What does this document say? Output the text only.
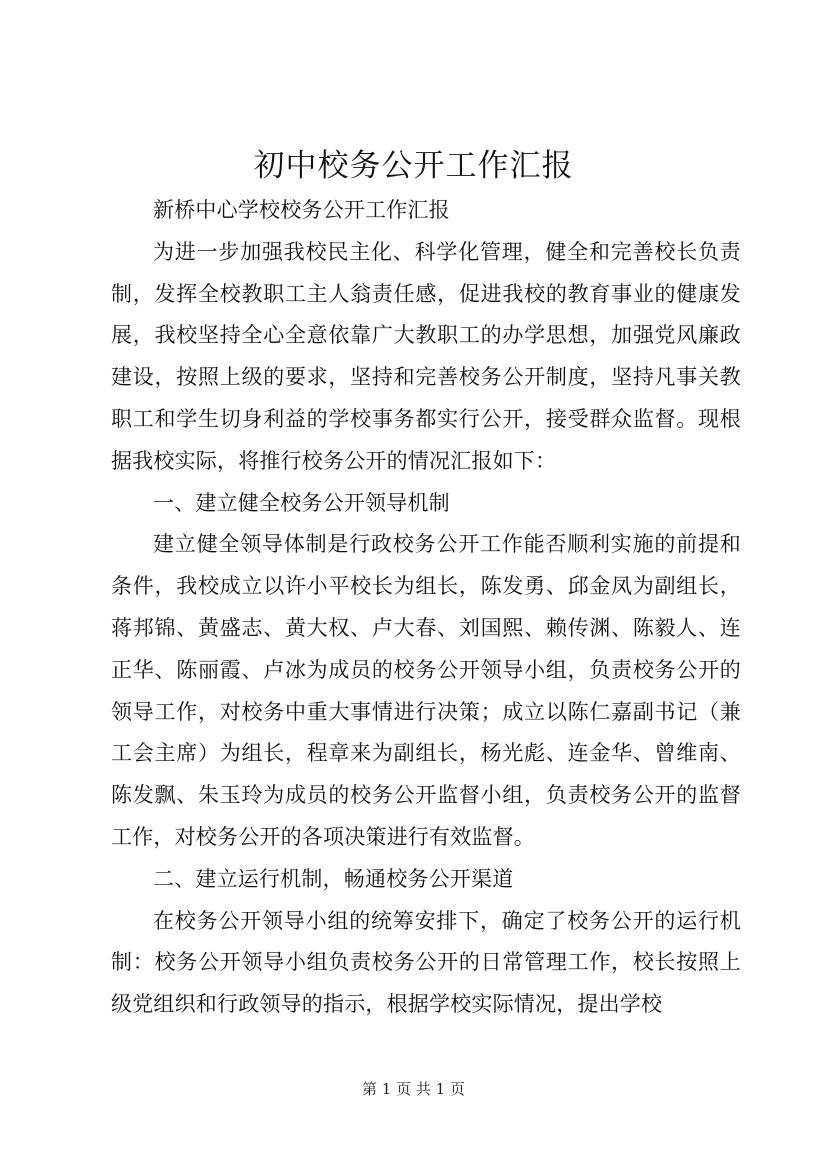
初中校务公开工作汇报

新桥中心学校校务公开工作汇报

为进一步加强我校民主化、科学化管理，健全和完善校长负责制，发挥全校教职工主人翁责任感，促进我校的教育事业的健康发展，我校坚持全心全意依靠广大教职工的办学思想，加强党风廉政建设，按照上级的要求，坚持和完善校务公开制度，坚持凡事关教职工和学生切身利益的学校事务都实行公开，接受群众监督。现根据我校实际，将推行校务公开的情况汇报如下：

一、建立健全校务公开领导机制

建立健全领导体制是行政校务公开工作能否顺利实施的前提和条件，我校成立以许小平校长为组长，陈发勇、邱金凤为副组长，蒋邦锦、黄盛志、黄大权、卢大春、刘国熙、赖传渊、陈毅人、连正华、陈丽霞、卢冰为成员的校务公开领导小组，负责校务公开的领导工作，对校务中重大事情进行决策；成立以陈仁嘉副书记（兼工会主席）为组长，程章来为副组长，杨光彪、连金华、曾维南、陈发飘、朱玉玲为成员的校务公开监督小组，负责校务公开的监督工作，对校务公开的各项决策进行有效监督。

二、建立运行机制，畅通校务公开渠道

在校务公开领导小组的统筹安排下，确定了校务公开的运行机制：校务公开领导小组负责校务公开的日常管理工作，校长按照上级党组织和行政领导的指示，根据学校实际情况，提出学校

第 1 页 共 1 页
